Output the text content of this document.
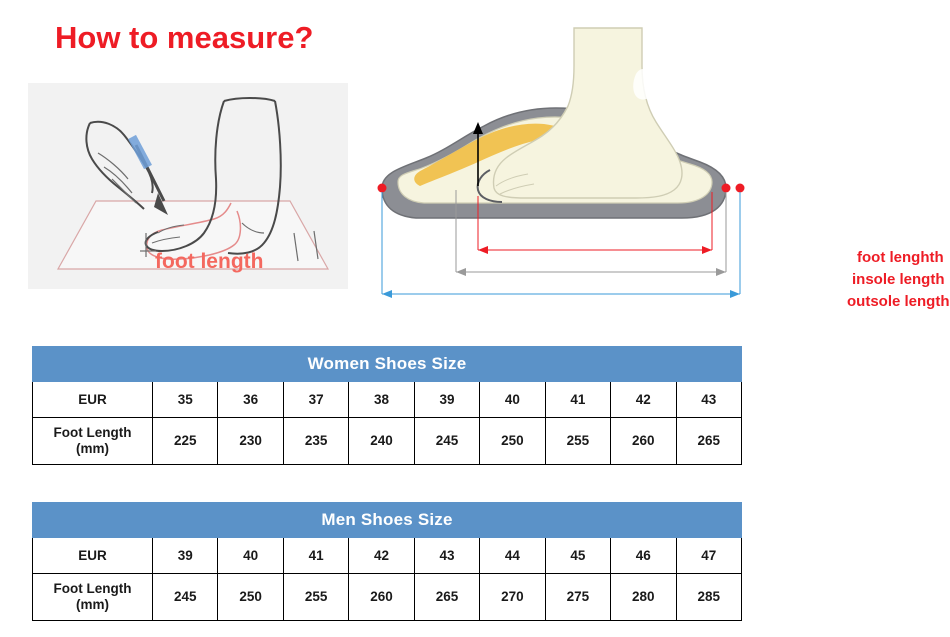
How to measure?
foot length	foot lenghth
insole length
outsole length
Women Shoes Size									
EUR	35	36	37	38	39	40	41	42	43
Foot Length
(mm)	225	230	235	240	245	250	255	260	265
Men Shoes Size									
EUR	39	40	41	42	43	44	45	46	47
Foot Length
(mm)	245	250	255	260	265	270	275	280	285
